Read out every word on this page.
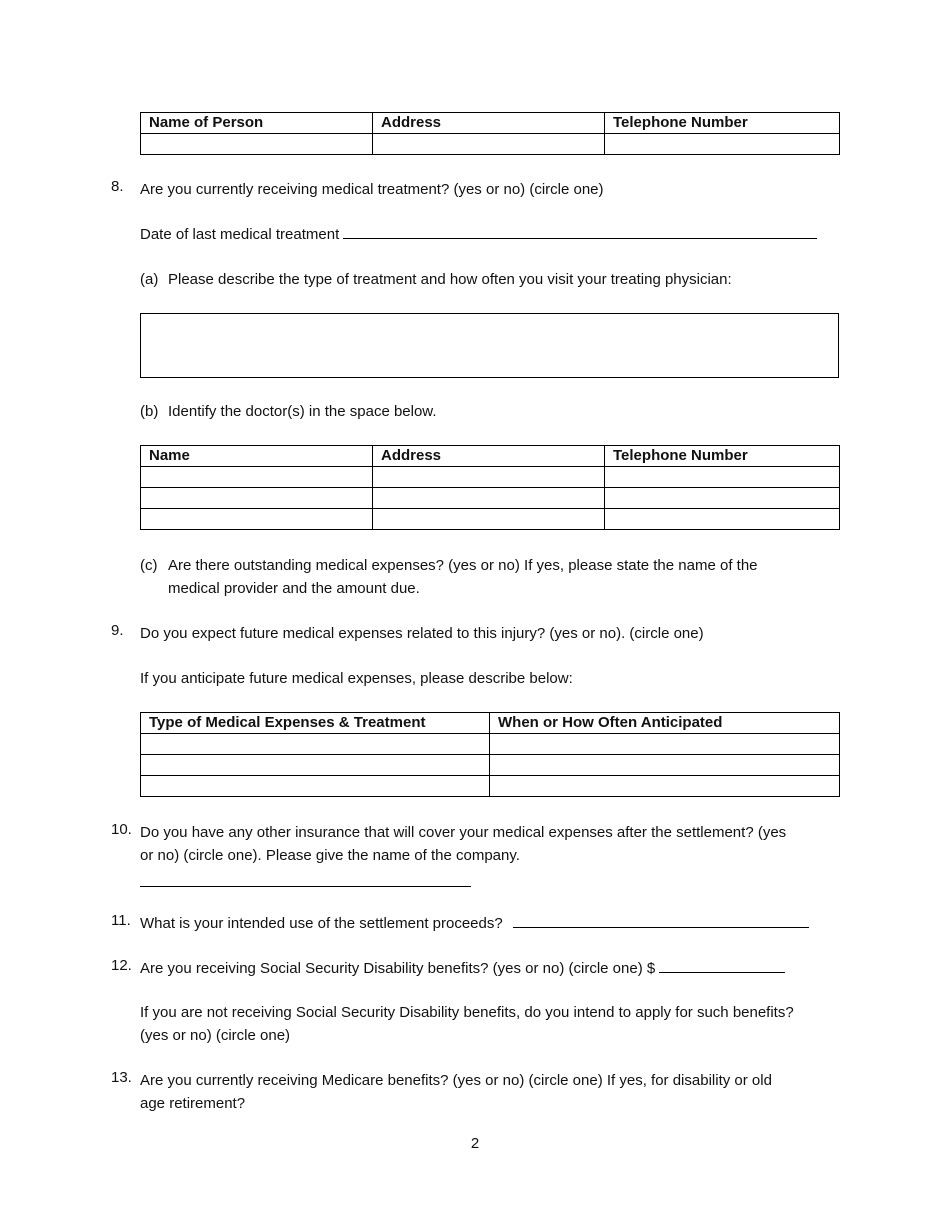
Name of Person	Address	Telephone Number

8.	Are you currently receiving medical treatment? (yes or no) (circle one)
Date of last medical treatment
(a) Please describe the type of treatment and how often you visit your treating physician:
(b) Identify the doctor(s) in the space below.
Name	Address	Telephone Number

(c) Are there outstanding medical expenses? (yes or no) If yes, please state the name of the
medical provider and the amount due.
9.	Do you expect future medical expenses related to this injury? (yes or no). (circle one)
If you anticipate future medical expenses, please describe below:
Type of Medical Expenses & Treatment	When or How Often Anticipated

10. Do you have any other insurance that will cover your medical expenses after the settlement? (yes
or no) (circle one). Please give the name of the company.
11. What is your intended use of the settlement proceeds?
12. Are you receiving Social Security Disability benefits? (yes or no) (circle one) $
If you are not receiving Social Security Disability benefits, do you intend to apply for such benefits?
(yes or no) (circle one)
13. Are you currently receiving Medicare benefits? (yes or no) (circle one) If yes, for disability or old
age retirement?
2
